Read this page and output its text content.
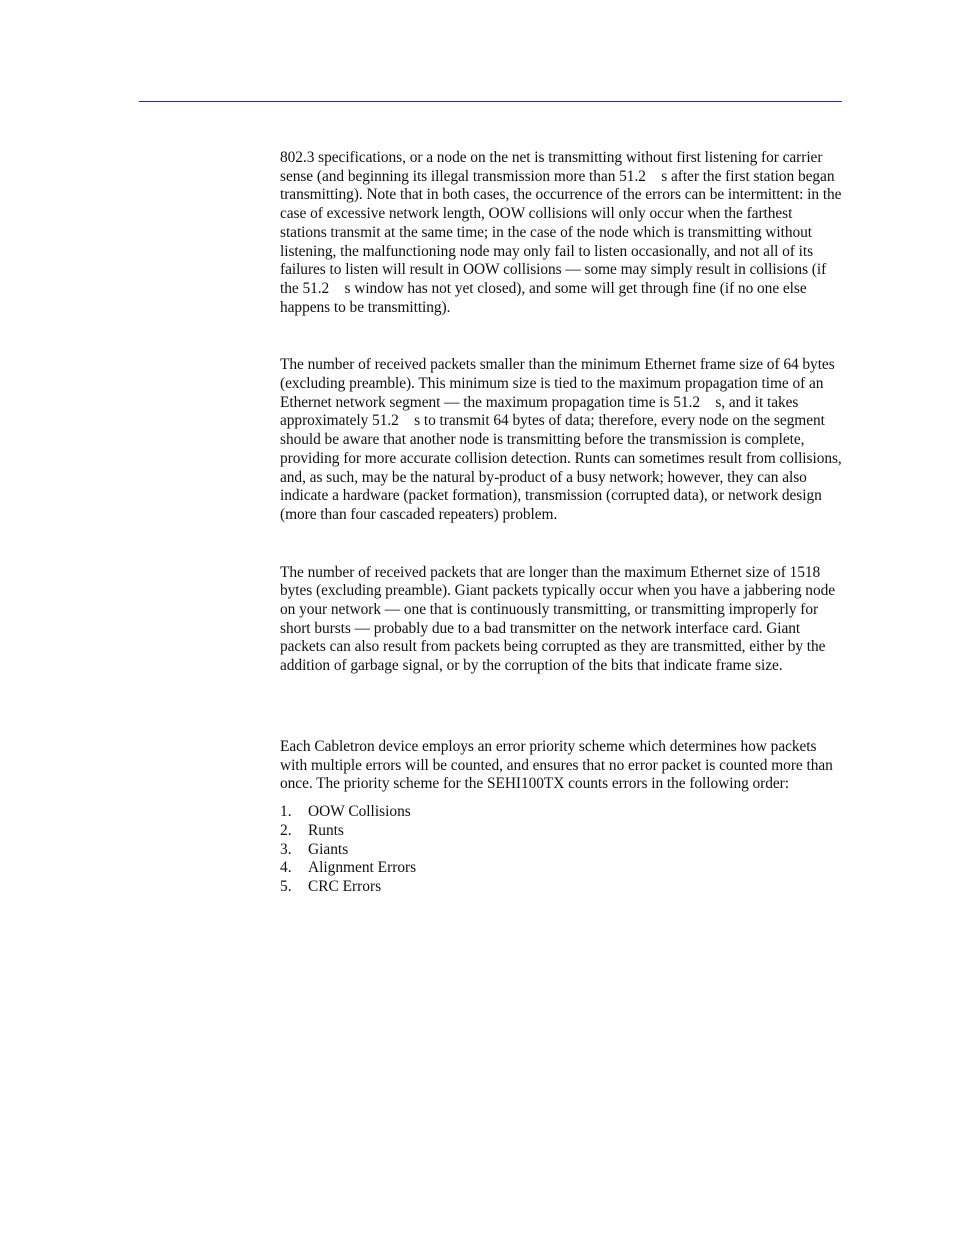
802.3 specifications, or a node on the net is transmitting without first listening for carrier sense (and beginning its illegal transmission more than 51.2 s after the first station began transmitting). Note that in both cases, the occurrence of the errors can be intermittent: in the case of excessive network length, OOW collisions will only occur when the farthest stations transmit at the same time; in the case of the node which is transmitting without listening, the malfunctioning node may only fail to listen occasionally, and not all of its failures to listen will result in OOW collisions — some may simply result in collisions (if the 51.2 s window has not yet closed), and some will get through fine (if no one else happens to be transmitting).

The number of received packets smaller than the minimum Ethernet frame size of 64 bytes (excluding preamble). This minimum size is tied to the maximum propagation time of an Ethernet network segment — the maximum propagation time is 51.2 s, and it takes approximately 51.2 s to transmit 64 bytes of data; therefore, every node on the segment should be aware that another node is transmitting before the transmission is complete, providing for more accurate collision detection. Runts can sometimes result from collisions, and, as such, may be the natural by-product of a busy network; however, they can also indicate a hardware (packet formation), transmission (corrupted data), or network design (more than four cascaded repeaters) problem.

The number of received packets that are longer than the maximum Ethernet size of 1518 bytes (excluding preamble). Giant packets typically occur when you have a jabbering node on your network — one that is continuously transmitting, or transmitting improperly for short bursts — probably due to a bad transmitter on the network interface card. Giant packets can also result from packets being corrupted as they are transmitted, either by the addition of garbage signal, or by the corruption of the bits that indicate frame size.

Each Cabletron device employs an error priority scheme which determines how packets with multiple errors will be counted, and ensures that no error packet is counted more than once. The priority scheme for the SEHI100TX counts errors in the following order:

1.	OOW Collisions
2.	Runts
3.	Giants
4.	Alignment Errors
5.	CRC Errors
